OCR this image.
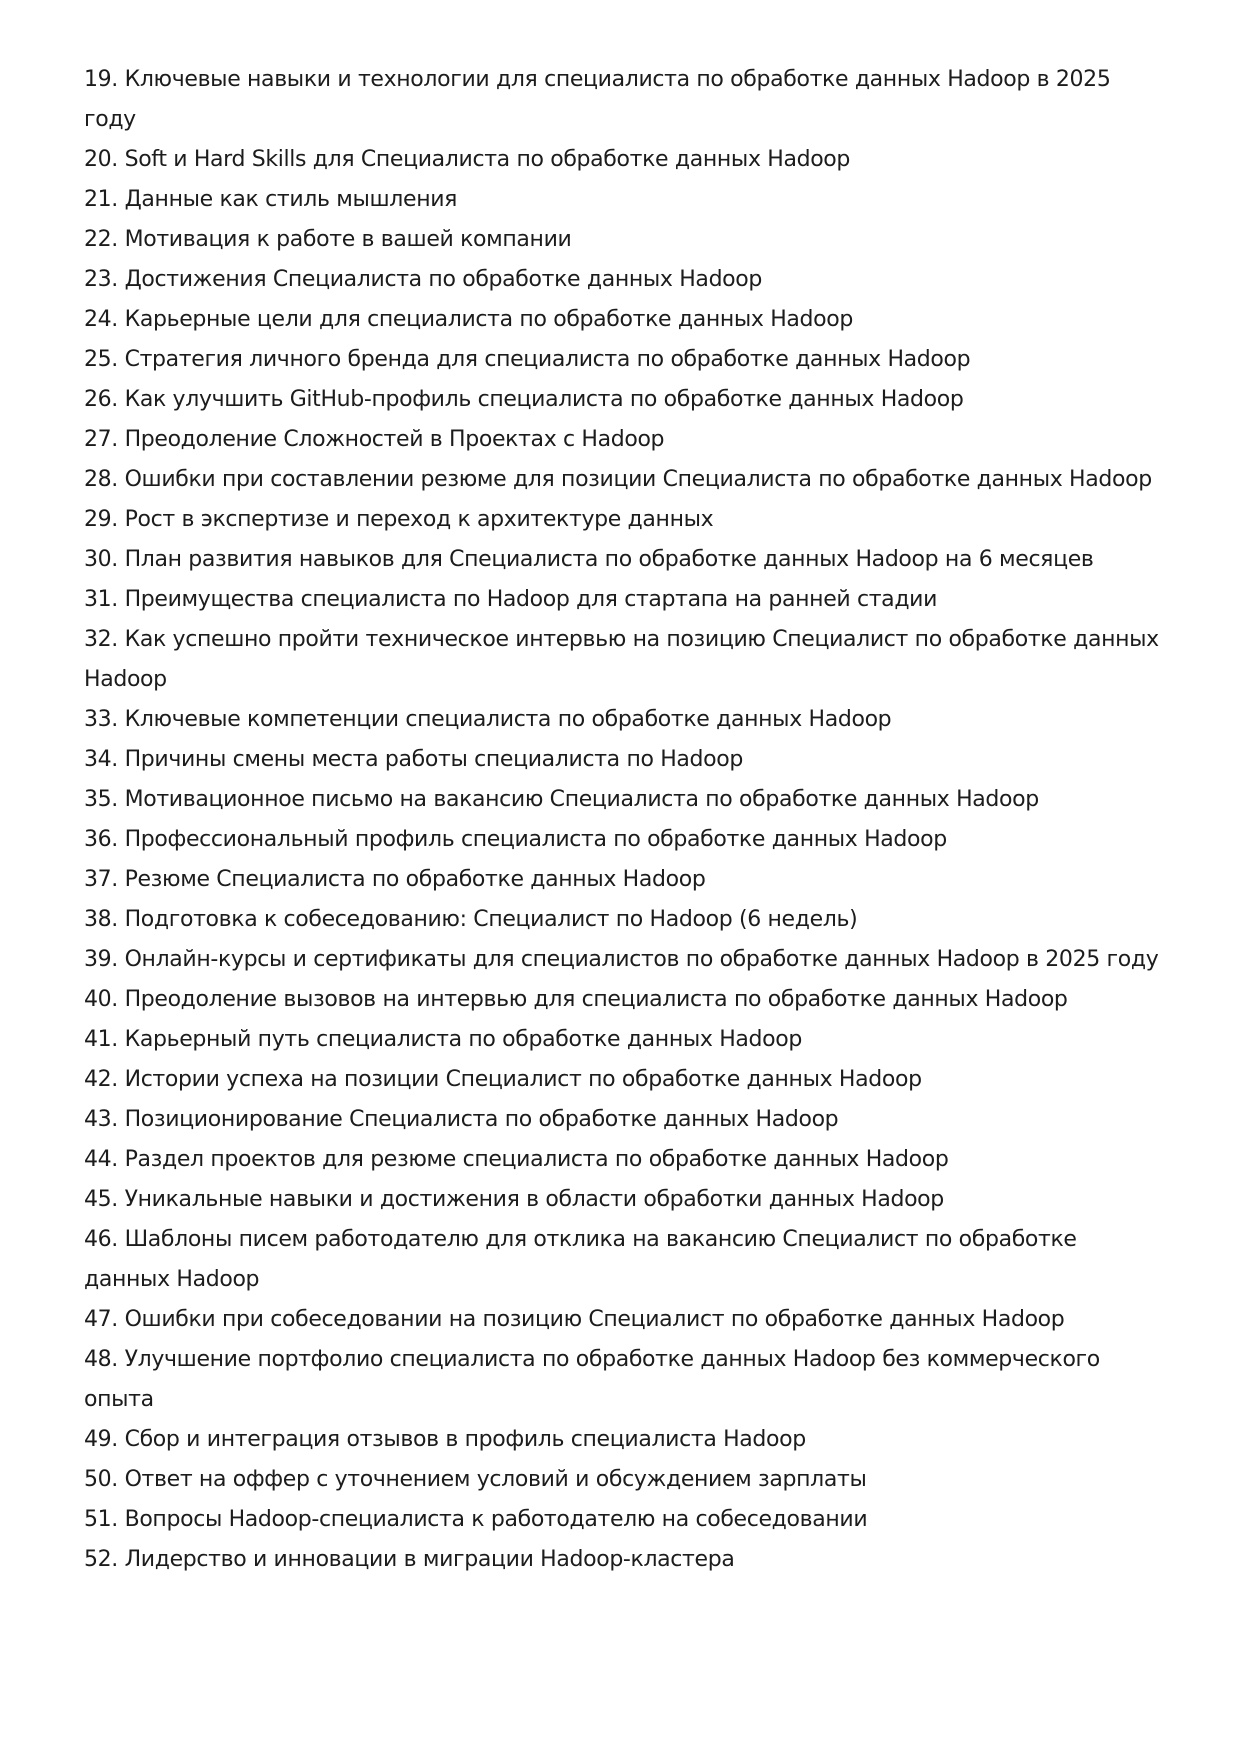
19. Ключевые навыки и технологии для специалиста по обработке данных Hadoop в 2025 году
20. Soft и Hard Skills для Специалиста по обработке данных Hadoop
21. Данные как стиль мышления
22. Мотивация к работе в вашей компании
23. Достижения Специалиста по обработке данных Hadoop
24. Карьерные цели для специалиста по обработке данных Hadoop
25. Стратегия личного бренда для специалиста по обработке данных Hadoop
26. Как улучшить GitHub-профиль специалиста по обработке данных Hadoop
27. Преодоление Сложностей в Проектах с Hadoop
28. Ошибки при составлении резюме для позиции Специалиста по обработке данных Hadoop
29. Рост в экспертизе и переход к архитектуре данных
30. План развития навыков для Специалиста по обработке данных Hadoop на 6 месяцев
31. Преимущества специалиста по Hadoop для стартапа на ранней стадии
32. Как успешно пройти техническое интервью на позицию Специалист по обработке данных Hadoop
33. Ключевые компетенции специалиста по обработке данных Hadoop
34. Причины смены места работы специалиста по Hadoop
35. Мотивационное письмо на вакансию Специалиста по обработке данных Hadoop
36. Профессиональный профиль специалиста по обработке данных Hadoop
37. Резюме Специалиста по обработке данных Hadoop
38. Подготовка к собеседованию: Специалист по Hadoop (6 недель)
39. Онлайн-курсы и сертификаты для специалистов по обработке данных Hadoop в 2025 году
40. Преодоление вызовов на интервью для специалиста по обработке данных Hadoop
41. Карьерный путь специалиста по обработке данных Hadoop
42. Истории успеха на позиции Специалист по обработке данных Hadoop
43. Позиционирование Специалиста по обработке данных Hadoop
44. Раздел проектов для резюме специалиста по обработке данных Hadoop
45. Уникальные навыки и достижения в области обработки данных Hadoop
46. Шаблоны писем работодателю для отклика на вакансию Специалист по обработке данных Hadoop
47. Ошибки при собеседовании на позицию Специалист по обработке данных Hadoop
48. Улучшение портфолио специалиста по обработке данных Hadoop без коммерческого опыта
49. Сбор и интеграция отзывов в профиль специалиста Hadoop
50. Ответ на оффер с уточнением условий и обсуждением зарплаты
51. Вопросы Hadoop-специалиста к работодателю на собеседовании
52. Лидерство и инновации в миграции Hadoop-кластера
